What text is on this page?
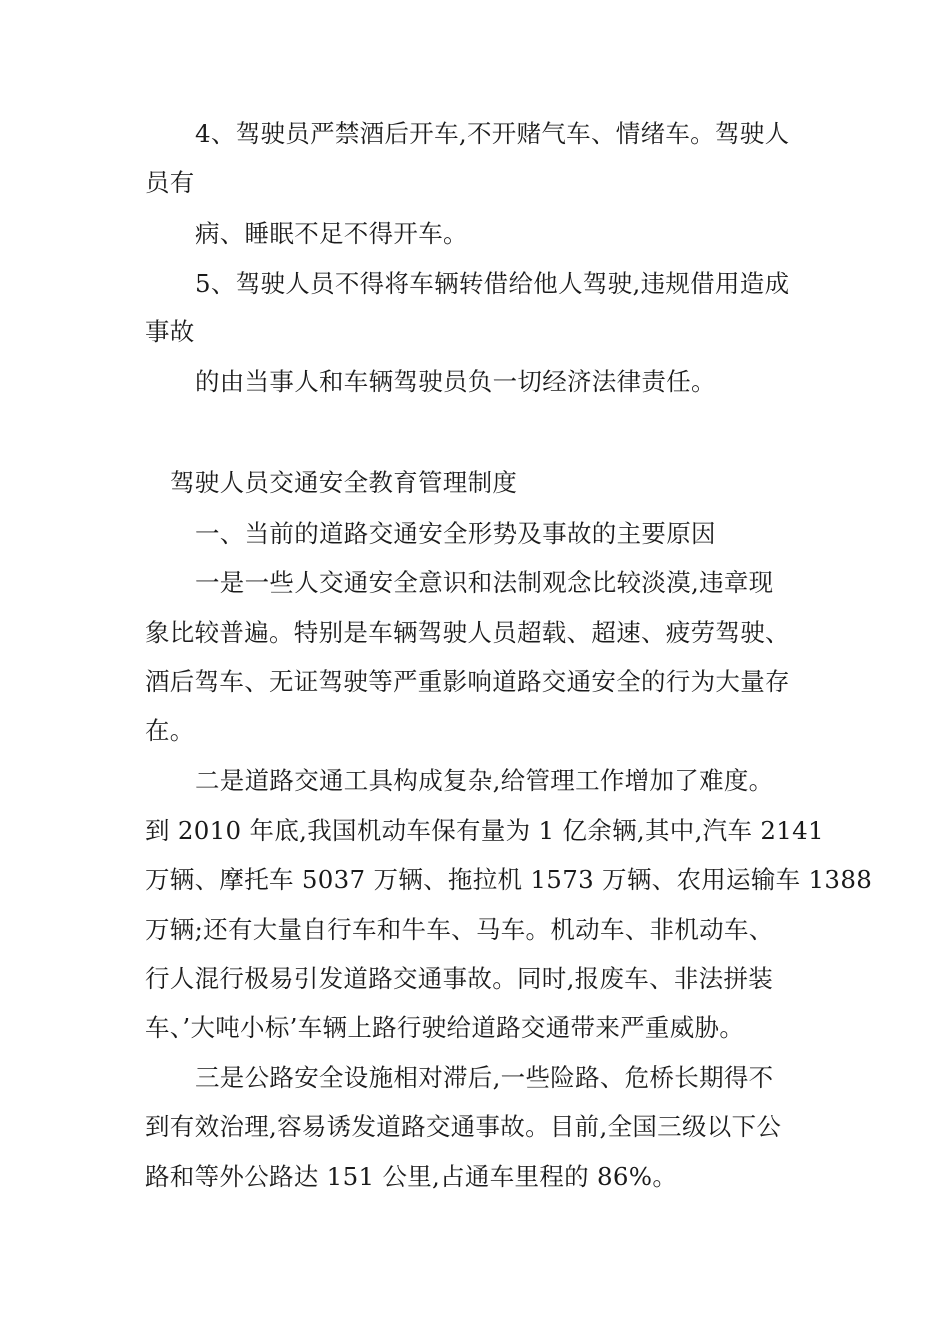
4、驾驶员严禁酒后开车,不开赌气车、情绪车。驾驶人
员有
病、睡眠不足不得开车。
5、驾驶人员不得将车辆转借给他人驾驶,违规借用造成
事故
的由当事人和车辆驾驶员负一切经济法律责任。
驾驶人员交通安全教育管理制度
一、当前的道路交通安全形势及事故的主要原因
一是一些人交通安全意识和法制观念比较淡漠,违章现
象比较普遍。特别是车辆驾驶人员超载、超速、疲劳驾驶、
酒后驾车、无证驾驶等严重影响道路交通安全的行为大量存
在。
二是道路交通工具构成复杂,给管理工作增加了难度。
到 2010 年底,我国机动车保有量为 1 亿余辆,其中,汽车 2141
万辆、摩托车 5037 万辆、拖拉机 1573 万辆、农用运输车 1388
万辆;还有大量自行车和牛车、马车。机动车、非机动车、
行人混行极易引发道路交通事故。同时,报废车、非法拼装
车、’大吨小标’车辆上路行驶给道路交通带来严重威胁。
三是公路安全设施相对滞后,一些险路、危桥长期得不
到有效治理,容易诱发道路交通事故。目前,全国三级以下公
路和等外公路达 151 公里,占通车里程的 86%。
